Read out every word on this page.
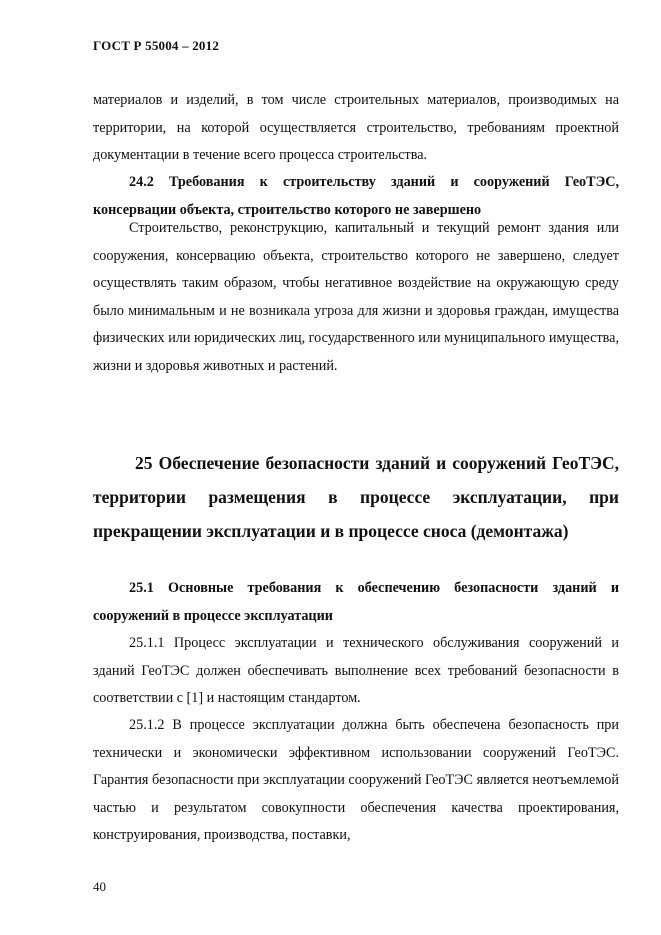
ГОСТ Р 55004 – 2012
материалов и изделий, в том числе строительных материалов, производимых на территории, на которой осуществляется строительство, требованиям проектной документации в течение всего процесса строительства.
24.2 Требования к строительству зданий и сооружений ГеоТЭС, консервации объекта, строительство которого не завершено
Строительство, реконструкцию, капитальный и текущий ремонт здания или сооружения, консервацию объекта, строительство которого не завершено, следует осуществлять таким образом, чтобы негативное воздействие на окружающую среду было минимальным и не возникала угроза для жизни и здоровья граждан, имущества физических или юридических лиц, государственного или муниципального имущества, жизни и здоровья животных и растений.
25 Обеспечение безопасности зданий и сооружений ГеоТЭС, территории размещения в процессе эксплуатации, при прекращении эксплуатации и в процессе сноса (демонтажа)
25.1 Основные требования к обеспечению безопасности зданий и сооружений в процессе эксплуатации
25.1.1 Процесс эксплуатации и технического обслуживания сооружений и зданий ГеоТЭС должен обеспечивать выполнение всех требований безопасности в соответствии с [1] и настоящим стандартом.
25.1.2 В процессе эксплуатации должна быть обеспечена безопасность при технически и экономически эффективном использовании сооружений ГеоТЭС. Гарантия безопасности при эксплуатации сооружений ГеоТЭС является неотъемлемой частью и результатом совокупности обеспечения качества проектирования, конструирования, производства, поставки,
40
